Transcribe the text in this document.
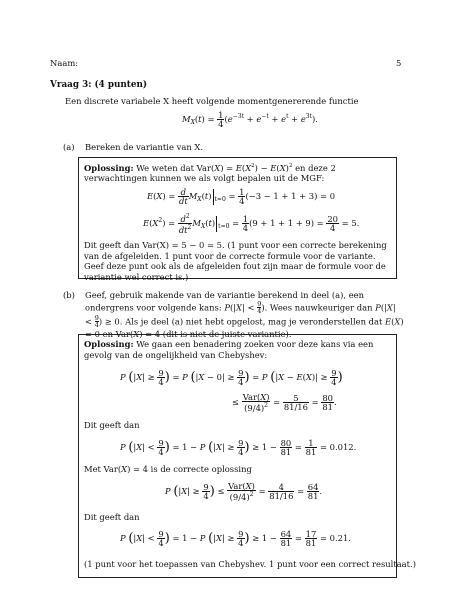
Naam:	5
Vraag 3: (4 punten)
Een discrete variabele X heeft volgende momentgenererende functie
$M_X(t) = \frac{1}{4} (e^{-3t} + e^{-t} + e^t + e^{3t})$.
(a) Bereken de variantie van X.
Oplossing: We weten dat $Var(X) = E(X^2) - E(X)^2$ en deze 2 verwachtingen kunnen we als volgt bepalen uit de MGF:
$E(X) = \frac{d}{dt} M_X(t) _{t=0} = \frac{1}{4} (-3 - 1 + 1 + 3) = 0$
$E(X^2) = \frac{d^2}{dt^2} M_X(t) _{t=0} = \frac{1}{4} (9 + 1 + 1 + 9) = \frac{20}{4} = 5$.
Dit geeft dan Var(X) = 5 − 0 = 5. (1 punt voor een correcte berekening van de afgeleiden. 1 punt voor de correcte formule voor de variante. Geef deze punt ook als de afgeleiden fout zijn maar de formule voor de variantie wel correct is.)
(b) Geef, gebruik makende van de variantie berekend in deel (a), een ondergrens voor volgende kans: $P(|X| < \frac{9}{4})$. Wees nauwkeuriger dan $P(|X| < \frac{9}{4}) \ge 0$. Als je deel (a) niet hebt opgelost, mag je veronderstellen dat E(X) = 0 en Var(X) = 4 (dit is niet de juiste variantie).
Oplossing: We gaan een benadering zoeken voor deze kans via een gevolg van de ongelijkheid van Chebyshev:
P ($|X| \ge \frac{9}{4}$ ) = P ($|X - 0| \ge \frac{9}{4}$ ) = P ($|X - E(X)| \ge \frac{9}{4}$ )
≤ $\frac{\text{Var(X)}}{(9/4)^2} = \frac{5}{81/16} = \frac{80}{81}$ .
Dit geeft dan
P ($|X| < \frac{9}{4}$ ) = 1 − P ($|X| \ge \frac{9}{4}$ ) ≥ $1 - \frac{80}{81} = \frac{1}{81} = 0.012$.
Met Var(X) = 4 is de correcte oplossing
P ($|X| \ge \frac{9}{4}$ ) ≤ $\frac{\text{Var(X)}}{(9/4)^2} = \frac{4}{81/16} = \frac{64}{81}$ .
Dit geeft dan
P ($|X| < \frac{9}{4}$ ) = 1 − P ($|X| \ge \frac{9}{4}$ ) ≥ $1 - \frac{64}{81} = \frac{17}{81} = 0.21$.
(1 punt voor het toepassen van Chebyshev. 1 punt voor een correct resultaat.)
